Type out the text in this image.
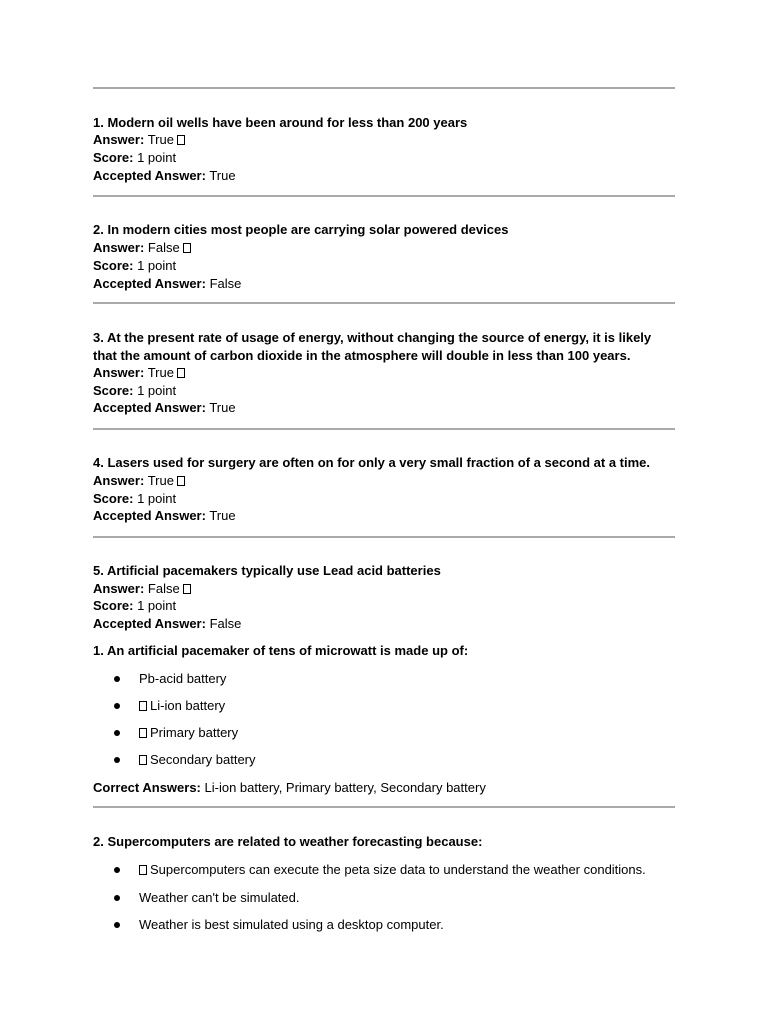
1. Modern oil wells have been around for less than 200 years
Answer: True
Score: 1 point
Accepted Answer: True
2. In modern cities most people are carrying solar powered devices
Answer: False
Score: 1 point
Accepted Answer: False
3. At the present rate of usage of energy, without changing the source of energy, it is likely that the amount of carbon dioxide in the atmosphere will double in less than 100 years.
Answer: True
Score: 1 point
Accepted Answer: True
4. Lasers used for surgery are often on for only a very small fraction of a second at a time.
Answer: True
Score: 1 point
Accepted Answer: True
5. Artificial pacemakers typically use Lead acid batteries
Answer: False
Score: 1 point
Accepted Answer: False
1. An artificial pacemaker of tens of microwatt is made up of:
Pb-acid battery
Li-ion battery
Primary battery
Secondary battery
Correct Answers: Li-ion battery, Primary battery, Secondary battery
2. Supercomputers are related to weather forecasting because:
Supercomputers can execute the peta size data to understand the weather conditions.
Weather can't be simulated.
Weather is best simulated using a desktop computer.
